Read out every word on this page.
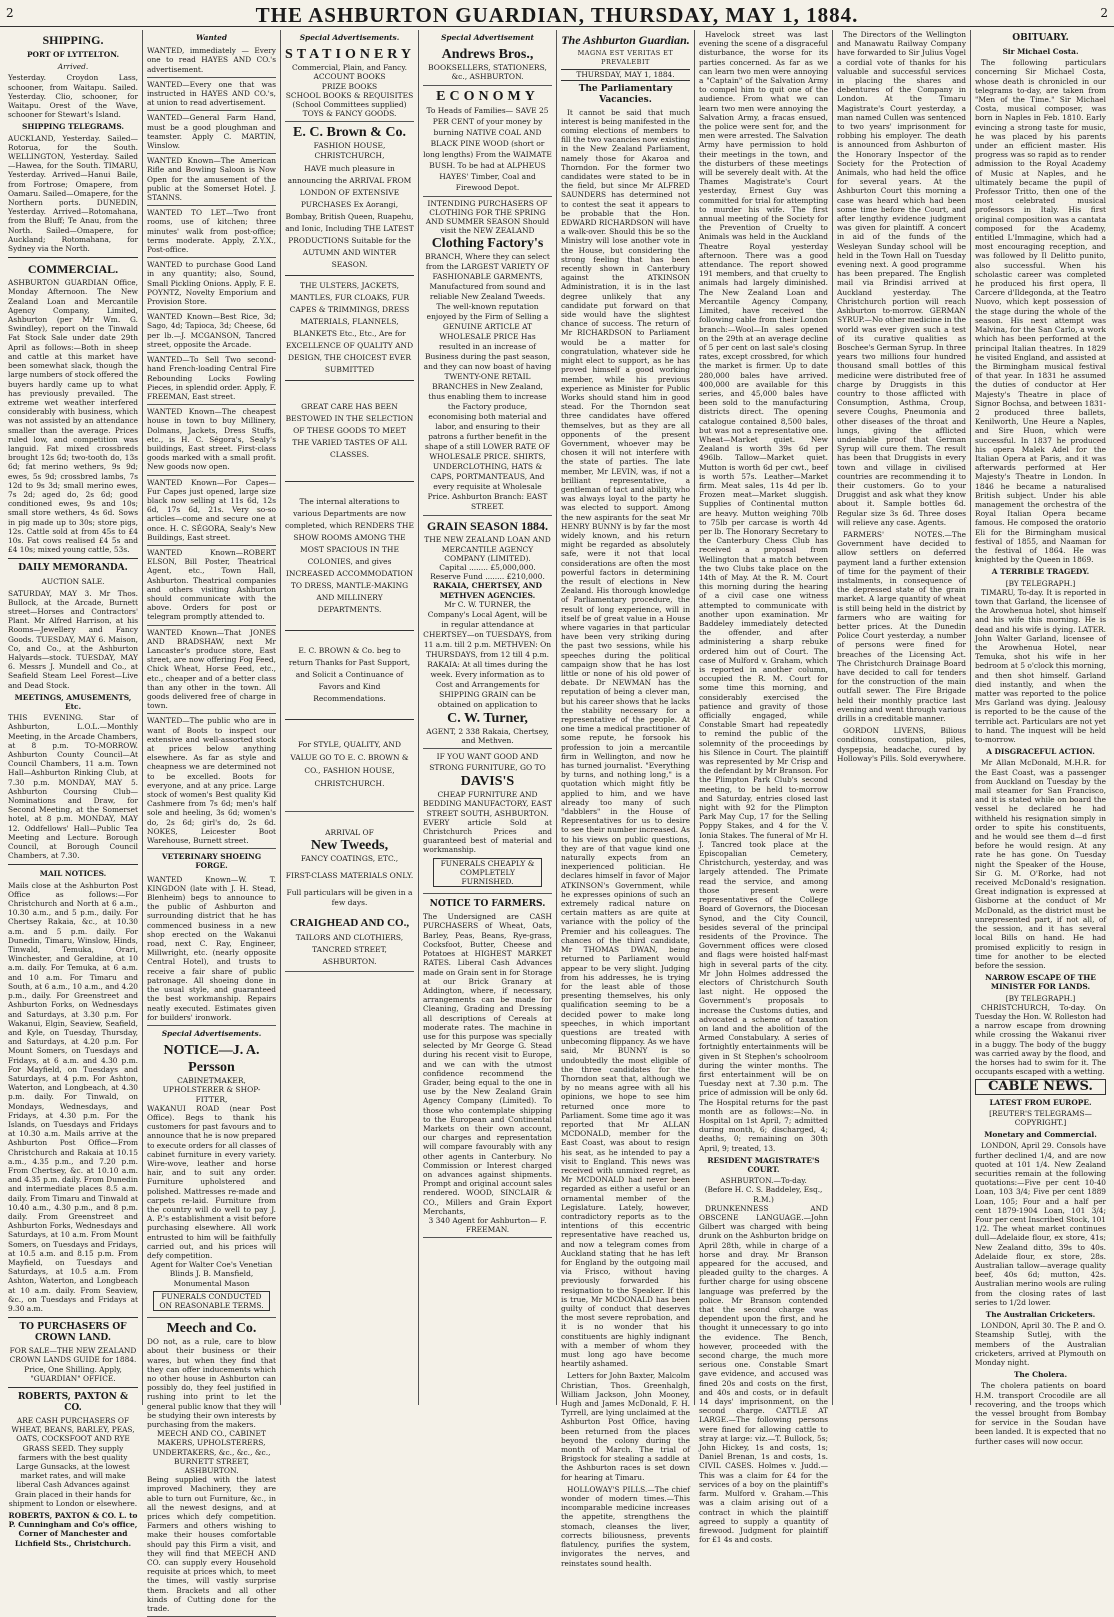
2	THE ASHBURTON GUARDIAN, THURSDAY, MAY 1, 1884.	2
SHIPPING.
PORT OF LYTTELTON.
Arrived.
Yesterday. Croydon Lass, schooner, from Waitapu. Sailed. Yesterday. Clio, schooner, for Waitapu. Orest of the Wave, schooner for Stewart's Island.
SHIPPING TELEGRAMS.
AUCKLAND, Yesterday. Sailed—Rotorua, for the South. WELLINGTON, Yesterday. Sailed—Hawea, for the South. TIMARU, Yesterday. Arrived—Hanui Baile, from Fortrose; Omapere, from Oamaru. Sailed—Omapere, for the Northern ports. DUNEDIN, Yesterday. Arrived—Rotomahana, from the Bluff; Te Anau, from the North. Sailed—Omapere, for Auckland; Rotomahana, for Sydney via the North.
COMMERCIAL.
ASHBURTON GUARDIAN Office, Monday Afternoon. The New Zealand Loan and Mercantile Agency Company, Limited, Ashburton (per Mr Wm. G. Swindley), report on the Tinwald Fat Stock Sale under date 29th April as follows:—Both in sheep and cattle at this market have been somewhat slack, though the large numbers of stock offered the buyers hardly came up to what has previously prevailed. The extreme wet weather interfered considerably with business, which was not assisted by an attendance smaller than the average. Prices ruled low, and competition was languid. Fat mixed crossbreds brought 12s 6d; two-tooth do, 13s 6d; fat merino wethers, 9s 9d; ewes, 5s 9d; crossbred lambs, 7s 12d to 9s 3d; small merino ewes, 7s 2d; aged do, 2s 6d; good conditioned ewes, 9s and 10s; small store wethers, 4s 6d. Sows in pig made up to 30s; store pigs, 12s. Cattle sold at from 45s to £4 10s. Fat cows realised £4 5s and £4 10s; mixed young cattle, 53s.
DAILY MEMORANDA.
AUCTION SALE.
SATURDAY, MAY 3. Mr Thos. Bullock, at the Arcade, Burnett street—Horses and Contractors' Plant. Mr Alfred Harrison, at his Rooms—Jewellery and Fancy Goods. TUESDAY, MAY 6. Maison, Co, and Co., at the Ashburton Halyards—stock. TUESDAY, MAY 6. Messrs J. Mundell and Co., at Seafield Steam Leel Forest—Live and Dead Stock.
MEETINGS, AMUSEMENTS, Etc.
THIS EVENING. Star of Ashburton, L.O.L.—Monthly Meeting, in the Arcade Chambers, at 8 p.m. TO-MORROW. Ashburton County Council—At Council Chambers, 11 a.m. Town Hall—Ashburton Rinking Club, at 7.30 p.m. MONDAY, MAY 5. Ashburton Coursing Club—Nominations and Draw, for Second Meeting, at the Somerset hotel, at 8 p.m. MONDAY, MAY 12. Oddfellows' Hall—Public Tea Meeting and Lecture. Borough Council, at Borough Council Chambers, at 7.30.
MAIL NOTICES.
Mails close at the Ashburton Post Office as follows:—For Christchurch and North at 6 a.m., 10.30 a.m., and 5 p.m., daily. For Chertsey Rakaia, &c., at 10.30 a.m. and 5 p.m. daily. For Dunedin, Timaru, Winslow, Hinds, Tinwald, Temuka, Orari, Winchester, and Geraldine, at 10 a.m. daily. For Temuka, at 6 a.m. and 10 a.m. For Timaru and South, at 6 a.m., 10 a.m., and 4.20 p.m., daily. For Greenstreet and Ashburton Forks, on Wednesdays and Saturdays, at 3.30 p.m. For Wakanui, Elgin, Seaview, Seafield, and Kyle, on Tuesday, Thursday, and Saturdays, at 4.20 p.m. For Mount Somers, on Tuesdays and Fridays, at 6 a.m. and 4.30 p.m. For Mayfield, on Tuesdays and Saturdays, at 4 p.m. For Ashton, Waterton, and Longbeach, at 4.30 p.m. daily. For Tinwald, on Mondays, Wednesdays, and Fridays, at 4.30 p.m. For the Islands, on Tuesdays and Fridays at 10.30 a.m. Mails arrive at the Ashburton Post Office—From Christchurch and Rakaia at 10.15 a.m., 4.35 p.m., and 7.20 p.m. From Chertsey, &c. at 10.10 a.m. and 4.35 p.m. daily. From Dunedin and intermediate places 8.5 a.m. daily. From Timaru and Tinwald at 10.40 a.m., 4.30 p.m., and 8 p.m. daily. From Greenstreet and Ashburton Forks, Wednesdays and Saturdays, at 10 a.m. From Mount Somers, on Tuesdays and Fridays, at 10.5 a.m. and 8.15 p.m. From Mayfield, on Tuesdays and Saturdays, at 10.5 a.m. From Ashton, Waterton, and Longbeach at 10 a.m. daily. From Seaview, &c., on Tuesdays and Fridays at 9.30 a.m.
TO PURCHASERS OF CROWN LAND.
FOR SALE—THE NEW ZEALAND CROWN LANDS GUIDE for 1884. Price, One Shilling. Apply, "GUARDIAN" OFFICE.
ROBERTS, PAXTON & CO.
ARE CASH PURCHASERS OF WHEAT, BEANS, BARLEY, PEAS, OATS, COCKSFOOT AND RYE GRASS SEED. They supply farmers with the best quality Large Gunsacks, at the lowest market rates, and will make liberal Cash Advances against Grain placed in their hands for shipment to London or elsewhere.
ROBERTS, PAXTON & CO. L. to P. Cunningham and Co's office, Corner of Manchester and Lichfield Sts., Christchurch.
Wanted
WANTED, immediately — Every one to read HAYES AND CO.'s advertisement.
WANTED—Every one that was instructed in HAYES AND CO.'s, at union to read advertisement.
WANTED—General Farm Hand, must be a good ploughman and teamster. Apply C. MARTIN, Winslow.
WANTED Known—The American Rifle and Bowling Saloon is Now Open for the amusement of the public at the Somerset Hotel. J. STANNS.
WANTED TO LET—Two front rooms, use of kitchen; three minutes' walk from post-office; terms moderate. Apply, Z.Y.X., Post-office.
WANTED to purchase Good Land in any quantity; also, Sound, Small Pickling Onions. Apply, F. E. POYNTZ, Novelty Emporium and Provision Store.
WANTED Known—Best Rice, 3d; Sago, 4d; Tapioca, 3d; Cheese, 6d per lb.—J. MCGANSON, Tancred street, opposite the Arcade.
WANTED—To Sell Two second-hand French-loading Central Fire Rebounding Locks Fowling Pieces, in splendid order. Apply, F. FREEMAN, East street.
WANTED Known—The cheapest house in town to buy Millinery, Dolmans, Jackets, Dress Stuffs, etc., is H. C. Ségora's, Sealy's buildings, East street. First-class goods marked with a small profit. New goods now open.
WANTED Known—For Capes—Fur Capes just opened, large size black now selling at 11s 6d, 12s 6d, 17s 6d, 21s. Very so-so articles—come and secure one at once. H. C. SÉGORA, Sealy's New Buildings, East street.
WANTED Known—ROBERT ELSON, Bill Poster, Theatrical Agent, etc., Town Hall, Ashburton. Theatrical companies and others visiting Ashburton should communicate with the above. Orders for post or telegram promptly attended to.
WANTED Known—That JONES AND BRADSHAW, next Mr Lancaster's produce store, East street, are now offering Fog Feed, Chick Wheat, Horse Feed, etc., etc., cheaper and of a better class than any other in the town. All goods delivered free of charge in town.
WANTED—The public who are in want of Boots to inspect our extensive and well-assorted stock at prices below anything elsewhere. As far as style and cheapness we are determined not to be excelled. Boots for everyone, and at any price. Large stock of women's Best quality Kid Cashmere from 7s 6d; men's half sole and heeling, 3s 6d; women's do, 2s 6d; girl's do, 2s 6d. NOKES, Leicester Boot Warehouse, Burnett street.
VETERINARY SHOEING FORGE.
WANTED Known—W. T. KINGDON (late with J. H. Stead, Blenheim) begs to announce to the public of Ashburton and surrounding district that he has commenced business in a new shop erected on the Wakanui road, next C. Ray, Engineer, Millwright, etc. (nearly opposite Central Hotel), and trusts to receive a fair share of public patronage. All shoeing done in the usual style, and guaranteed the best workmanship. Repairs neatly executed. Estimates given for builders' ironwork.
Special Advertisements.
NOTICE—J. A. Persson
CABINETMAKER, UPHOLSTERER & SHOP-FITTER,
WAKANUI ROAD (near Post Office). Begs to thank his customers for past favours and to announce that he is now prepared to execute orders for all classes of cabinet furniture in every variety. Wire-wove, leather and horse hair, and to suit any order. Furniture upholstered and polished. Mattresses re-made and carpets re-laid. Furniture from the country will do well to pay J. A. P.'s establishment a visit before purchasing elsewhere. All work entrusted to him will be faithfully carried out, and his prices will defy competition.
Agent for Walter Coe's Venetian Blinds J. B. Mansfield, Monumental Mason
FUNERALS CONDUCTED ON REASONABLE TERMS.
Meech and Co.
DO not, as a rule, care to blow about their business or their wares, but when they find that they can offer inducements which no other house in Ashburton can possibly do, they feel justified in rushing into print to let the general public know that they will be studying their own interests by purchasing from the makers.
MEECH AND CO., CABINET MAKERS, UPHOLSTERERS, UNDERTAKERS, &c., &c., &c., BURNETT STREET, ASHBURTON.
Being supplied with the latest improved Machinery, they are able to turn out Furniture, &c., in all the newest designs, and at prices which defy competition. Farmers and others wishing to make their houses comfortable should pay this Firm a visit, and they will find that MEECH AND CO. can supply every Household requisite at prices which, to meet the times, will vastly surprise them. Brackets and all other kinds of Cutting done for the trade.
Special Advertisements.
STATIONERY
Commercial, Plain, and Fancy.
ACCOUNT BOOKS
PRIZE BOOKS
SCHOOL BOOKS & REQUISITES
(School Committees supplied)
TOYS & FANCY GOODS.
E. C. Brown & Co.
FASHION HOUSE, CHRISTCHURCH,
HAVE much pleasure in announcing the ARRIVAL FROM LONDON OF EXTENSIVE PURCHASES Ex Aorangi, Bombay, British Queen, Ruapehu, and Ionic, Including THE LATEST PRODUCTIONS Suitable for the AUTUMN AND WINTER SEASON.
THE ULSTERS, JACKETS, MANTLES, FUR CLOAKS, FUR CAPES & TRIMMINGS, DRESS MATERIALS, FLANNELS, BLANKETS Etc., Etc., Are for EXCELLENCE OF QUALITY AND DESIGN, THE CHOICEST EVER SUBMITTED
GREAT CARE HAS BEEN BESTOWED IN THE SELECTION OF THESE GOODS TO MEET THE VARIED TASTES OF ALL CLASSES.
The internal alterations to various Departments are now completed, which RENDERS THE SHOW ROOMS AMONG THE MOST SPACIOUS IN THE COLONIES, and gives INCREASED ACCOMMODATION TO DRESS, MANTLE-MAKING AND MILLINERY DEPARTMENTS.
E. C. BROWN & Co. beg to return Thanks for Past Support, and Solicit a Continuance of Favors and Kind Recommendations.
For STYLE, QUALITY, AND VALUE GO TO E. C. BROWN & CO., FASHION HOUSE, CHRISTCHURCH.
ARRIVAL OF
New Tweeds,
FANCY COATINGS, ETC.,
FIRST-CLASS MATERIALS ONLY.
Full particulars will be given in a few days.
CRAIGHEAD AND CO.,
TAILORS AND CLOTHIERS, TANCRED STREET, ASHBURTON.
Special Advertisement
Andrews Bros.,
BOOKSELLERS, STATIONERS, &c., ASHBURTON.
ECONOMY
To Heads of Families— SAVE 25 PER CENT of your money by burning NATIVE COAL AND BLACK PINE WOOD (short or long lengths) From the WAIMATE BUSH. To be had at ALPHEUS HAYES' Timber, Coal and Firewood Depot.
INTENDING PURCHASERS OF CLOTHING FOR THE SPRING AND SUMMER SEASON Should visit the NEW ZEALAND
Clothing Factory's
BRANCH, Where they can select from the LARGEST VARIETY OF FASHIONABLE GARMENTS, Manufactured from sound and reliable New Zealand Tweeds. The well-known reputation enjoyed by the Firm of Selling a GENUINE ARTICLE AT WHOLESALE PRICE Has resulted in an increase of Business during the past season, and they can now boast of having TWENTY-ONE RETAIL BRANCHES in New Zealand, thus enabling them to increase the Factory produce, economising both material and labor, and ensuring to their patrons a further benefit in the shape of a still LOWER RATE OF WHOLESALE PRICE. SHIRTS, UNDERCLOTHING, HATS & CAPS, PORTMANTEAUS, And every requisite at Wholesale Price. Ashburton Branch: EAST STREET.
GRAIN SEASON 1884.
THE NEW ZEALAND LOAN AND MERCANTILE AGENCY COMPANY (LIMITED).
Capital ........ £5,000,000.
Reserve Fund ........ £210,000.
RAKAIA, CHERTSEY, AND METHVEN AGENCIES.
Mr C. W. TURNER, the Company's Local Agent, will be in regular attendance at CHERTSEY—on TUESDAYS, from 11 a.m. till 2 p.m. METHVEN: On THURSDAYS, from 12 till 4 p.m. RAKAIA: At all times during the week. Every information as to Cost and Arrangements for SHIPPING GRAIN can be obtained on application to
C. W. Turner,
AGENT, 2 338 Rakaia, Chertsey, and Methven.
IF YOU WANT GOOD AND STRONG FURNITURE, GO TO
DAVIS'S
CHEAP FURNITURE AND BEDDING MANUFACTORY, EAST STREET SOUTH, ASHBURTON.
EVERY article Sold at Christchurch Prices and guaranteed best of material and workmanship.
FUNERALS CHEAPLY & COMPLETELY FURNISHED.
NOTICE TO FARMERS.
The Undersigned are CASH PURCHASERS of Wheat, Oats, Barley, Peas, Beans, Rye-grass, Cocksfoot, Butter, Cheese and Potatoes at HIGHEST MARKET RATES. Liberal Cash Advances made on Grain sent in for Storage at our Brick Granary at Addington, where, if necessary, arrangements can be made for Cleaning, Grading and Dressing all descriptions of Cereals at moderate rates. The machine in use for this purpose was specially selected by Mr George G. Stead during his recent visit to Europe, and we can with the utmost confidence recommend the Grader, being equal to the one in use by the New Zealand Grain Agency Company (Limited). To those who contemplate shipping to the European and Continental Markets on their own account, our charges and representation will compare favourably with any other agents in Canterbury. No Commission or Interest charged on advances against shipments. Prompt and original account sales rendered. WOOD, SINCLAIR & CO., Millers and Grain Export Merchants,
3 340 Agent for Ashburton— F. FREEMAN.
The Ashburton Guardian.
MAGNA EST VERITAS ET PREVALEBIT
THURSDAY, MAY 1, 1884.
The Parliamentary Vacancies.

It cannot be said that much interest is being manifested in the coming elections of members to fill the two vacancies now existing in the New Zealand Parliament, namely those for Akaroa and Thorndon. For the former two candidates were stated to be in the field, but since Mr ALFRED SAUNDERS has determined not to contest the seat it appears to be probable that the Hon. EDWARD RICHARDSON will have a walk-over. Should this be so the Ministry will lose another vote in the House, but considering the strong feeling that has been recently shown in Canterbury against the ATKINSON Administration, it is in the last degree unlikely that any candidate put forward on that side would have the slightest chance of success. The return of Mr RICHARDSON to Parliament would be a matter for congratulation, whatever side he might elect to support, as he has proved himself a good working member, while his previous experience as Minister for Public Works should stand him in good stead. For the Thorndon seat three candidates have offered themselves, but as they are all opponents of the present Government, whoever may be chosen it will not interfere with the state of parties. The late member, Mr LEVIN, was, if not a brilliant representative, a gentleman of tact and ability, who was always loyal to the party he was elected to support. Among the new aspirants for the seat Mr HENRY BUNNY is by far the most widely known, and his return might be regarded as absolutely safe, were it not that local considerations are often the most powerful factors in determining the result of elections in New Zealand. His thorough knowledge of Parliamentary procedure, the result of long experience, will in itself be of great value in a House where vagaries in that particular have been very striking during the past two sessions, while his speeches during the political campaign show that he has lost little or none of his old power of debate. Dr NEWMAN has the reputation of being a clever man, but his career shows that he lacks the stability necessary for a representative of the people. At one time a medical practitioner of some repute, he forsook his profession to join a mercantile firm in Wellington, and now he has turned journalist. "Everything by turns, and nothing long," is a quotation which might fitly be applied to him, and we have already too many of such "dabblers" in the House of Representatives for us to desire to see their number increased. As to his views on public questions, they are of that vague kind one naturally expects from an inexperienced politician. He declares himself in favor of Major ATKINSON's Government, while he expresses opinions of such an extremely radical nature on certain matters as are quite at variance with the policy of the Premier and his colleagues. The chances of the third candidate, Mr THOMAS DWAN, being returned to Parliament would appear to be very slight. Judging from his addresses, he is trying for the least able of those presenting themselves, his only qualification seeming to be a decided power to make long speeches, in which important questions are treated with unbecoming flippancy. As we have said, Mr BUNNY is so undoubtedly the most eligible of the three candidates for the Thorndon seat that, although we by no means agree with all his opinions, we hope to see him returned once more to Parliament. Some time ago it was reported that Mr ALLAN MCDONALD, member for the East Coast, was about to resign his seat, as he intended to pay a visit to England. This news was received with unmixed regret, as Mr MCDONALD had never been regarded as either a useful or an ornamental member of the Legislature. Lately, however, contradictory reports as to the intentions of this eccentric representative have reached us, and now a telegram comes from Auckland stating that he has left for England by the outgoing mail via Frisco, without having previously forwarded his resignation to the Speaker. If this is true, Mr MCDONALD has been guilty of conduct that deserves the most severe reprobation, and it is no wonder that his constituents are highly indignant with a member of whom they must long ago have become heartily ashamed.

Letters for John Baxter, Malcolm Christian, Thos. Greenhalgh, William Jackson, John Mooney, Hugh and James McDonald, F. H. Tyrrell, are lying unclaimed at the Ashburton Post Office, having been returned from the places beyond the colony during the month of March. The trial of Brigstock for stealing a saddle at the Ashburton races is set down for hearing at Timaru.

HOLLOWAY'S PILLS.—The chief wonder of modern times.—This incomparable medicine increases the appetite, strengthens the stomach, cleanses the liver, corrects biliousness, prevents flatulency, purifies the system, invigorates the nerves, and reinstates sound health.

Havelock street was last evening the scene of a disgraceful disturbance, the worse for its parties concerned. As far as we can learn two men were annoying a "Captain" of the Salvation Army to compel him to quit one of the audience. From what we can learn two men were annoying the Salvation Army, a fracas ensued, the police were sent for, and the men were arrested. The Salvation Army have permission to hold their meetings in the town, and the disturbers of these meetings will be severely dealt with. At the Thames Magistrate's Court yesterday, Ernest Guy was committed for trial for attempting to murder his wife. The first annual meeting of the Society for the Prevention of Cruelty to Animals was held in the Auckland Theatre Royal yesterday afternoon. There was a good attendance. The report showed 191 members, and that cruelty to animals had largely diminished. The New Zealand Loan and Mercantile Agency Company, Limited, have received the following cable from their London branch:—Wool—In sales opened on the 29th at an average decline of 5 per cent on last sale's closing rates, except crossbred, for which the market is firmer. Up to date 280,000 bales have arrived. 400,000 are available for this series, and 45,000 bales have been sold to the manufacturing districts direct. The opening catalogue contained 8,500 bales, but was not a representative one. Wheat—Market quiet. New Zealand is worth 39s 6d per 496lb. Tallow—Market quiet. Mutton is worth 6d per cwt., beef is worth 57s. Leather—Market firm. Meat sales, 11s 4d per lb. Frozen meat—Market sluggish. Supplies of Continental mutton are heavy. Mutton weighing 70lb to 75lb per carcase is worth 4d per lb. The Honorary Secretary to the Canterbury Chess Club has received a proposal from Wellington that a match between the two Clubs take place on the 14th of May. At the R. M. Court this morning during the hearing of a civil case one witness attempted to communicate with another upon examination. Mr Baddeley immediately detected the offender, and after administering a sharp rebuke ordered him out of Court. The case of Mulford v. Graham, which is reported in another column, occupied the R. M. Court for some time this morning, and considerably exercised the patience and gravity of those officially engaged, while Constable Smart had repeatedly to remind the public of the solemnity of the proceedings by his Silence in Court. The plaintiff was represented by Mr Crisp and the defendant by Mr Branson. For the Plimpton Park Club's second meeting, to be held to-morrow and Saturday, entries closed last night with 92 for the Plimpton Park May Cup, 17 for the Selling Poppy Stakes, and 4 for the V. Ionia Stakes. The funeral of Mr H. J. Tancred took place at the Episcopalian Cemetery, Christchurch, yesterday, and was largely attended. The Primate read the service, and among those present were representatives of the College Board of Governors, the Diocesan Synod, and the City Council, besides several of the principal residents of the Province. The Government offices were closed and flags were hoisted half-mast high in several parts of the city. Mr John Holmes addressed the electors of Christchurch South last night. He opposed the Government's proposals to increase the Customs duties, and advocated a scheme of taxation on land and the abolition of the Armed Constabulary. A series of fortnightly entertainments will be given in St Stephen's schoolroom during the winter months. The first entertainment will be on Tuesday next at 7.30 p.m. The price of admission will be only 6d. The Hospital returns for the past month are as follows:—No. in Hospital on 1st April, 7; admitted during month, 6; discharged, 4; deaths, 0; remaining on 30th April, 9; treated, 13.

RESIDENT MAGISTRATE'S COURT.
ASHBURTON.—To-day.
(Before H. C. S. Baddeley, Esq., R.M.)

DRUNKENNESS AND OBSCENE LANGUAGE.—John Gilbert was charged with being drunk on the Ashburton bridge on April 28th, while in charge of a horse and dray. Mr Branson appeared for the accused, and pleaded guilty to the charges. A further charge for using obscene language was preferred by the police. Mr Branson contended that the second charge was dependent upon the first, and he thought it unnecessary to go into the evidence. The Bench, however, proceeded with the second charge, the much more serious one. Constable Smart gave evidence, and accused was fined 20s and costs on the first, and 40s and costs, or in default 14 days' imprisonment, on the second charge. CATTLE AT LARGE.—The following persons were fined for allowing cattle to stray at large: viz.—T. Bullock, 5s; John Hickey, 1s and costs, 1s; Daniel Brenan, 1s and costs, 1s. CIVIL CASES. Holmes v. Judd.—This was a claim for £4 for the services of a boy on the plaintiff's farm. Mulford v. Graham.—This was a claim arising out of a contract in which the plaintiff agreed to supply a quantity of firewood. Judgment for plaintiff for £1 4s and costs.

The Directors of the Wellington and Manawatu Railway Company have forwarded to Sir Julius Vogel a cordial vote of thanks for his valuable and successful services in placing the shares and debentures of the Company in London. At the Timaru Magistrate's Court yesterday, a man named Cullen was sentenced to two years' imprisonment for robbing his employer. The death is announced from Ashburton of the Honorary Inspector of the Society for the Protection of Animals, who had held the office for several years. At the Ashburton Court this morning a case was heard which had been some time before the Court, and after lengthy evidence judgment was given for plaintiff. A concert in aid of the funds of the Wesleyan Sunday school will be held in the Town Hall on Tuesday evening next. A good programme has been prepared. The English mail via Brindisi arrived at Auckland yesterday. The Christchurch portion will reach Ashburton to-morrow. GERMAN SYRUP.—No other medicine in the world was ever given such a test of its curative qualities as Boschee's German Syrup. In three years two millions four hundred thousand small bottles of this medicine were distributed free of charge by Druggists in this country to those afflicted with Consumption, Asthma, Croup, severe Coughs, Pneumonia and other diseases of the throat and lungs, giving the afflicted undeniable proof that German Syrup will cure them. The result has been that Druggists in every town and village in civilised countries are recommending it to their customers. Go to your Druggist and ask what they know about it. Sample bottles 6d. Regular size 3s 6d. Three doses will relieve any case. Agents.

FARMERS' NOTES.—The Government have decided to allow settlers on deferred payment land a further extension of time for the payment of their instalments, in consequence of the depressed state of the grain market. A large quantity of wheat is still being held in the district by farmers who are waiting for better prices. At the Dunedin Police Court yesterday, a number of persons were fined for breaches of the Licensing Act. The Christchurch Drainage Board have decided to call for tenders for the construction of the main outfall sewer. The Fire Brigade held their monthly practice last evening and went through various drills in a creditable manner.

GORDON LIVENS, Bilious conditions, constipation, piles, dyspepsia, headache, cured by Holloway's Pills. Sold everywhere.

OBITUARY.
Sir Michael Costa.

The following particulars concerning Sir Michael Costa, whose death is chronicled in our telegrams to-day, are taken from "Men of the Time." Sir Michael Costa, musical composer, was born in Naples in Feb. 1810. Early evincing a strong taste for music, he was placed by his parents under an efficient master. His progress was so rapid as to render admission to the Royal Academy of Music at Naples, and he ultimately became the pupil of Professor Tritto, then one of the most celebrated musical professors in Italy. His first original composition was a cantata composed for the Academy, entitled L'Immagine, which had a most encouraging reception, and was followed by Il Delitto punito, also successful. When his scholastic career was completed he produced his first opera, Il Carcere d'Ildegonda, at the Teatro Nuovo, which kept possession of the stage during the whole of the season. His next attempt was Malvina, for the San Carlo, a work which has been performed at the principal Italian theatres. In 1829 he visited England, and assisted at the Birmingham musical festival of that year. In 1831 he assumed the duties of conductor at Her Majesty's Theatre in place of Signor Bochsa, and between 1831-2 produced three ballets, Kenilworth, Une Heure a Naples, and Sire Huon, which were successful. In 1837 he produced his opera Malek Adel for the Italian Opera at Paris, and it was afterwards performed at Her Majesty's Theatre in London. In 1846 he became a naturalised British subject. Under his able management the orchestra of the Royal Italian Opera became famous. He composed the oratorio Eli for the Birmingham musical festival of 1855, and Naaman for the festival of 1864. He was knighted by the Queen in 1869.

A TERRIBLE TRAGEDY.
[BY TELEGRAPH.]

TIMARU, To-day. It is reported in town that Garland, the licensee of the Arowhenua hotel, shot himself and his wife this morning. He is dead and his wife is dying. LATER. John Walter Garland, licensee of the Arowhenua Hotel, near Temuka, shot his wife in her bedroom at 5 o'clock this morning, and then shot himself. Garland died instantly, and when the matter was reported to the police Mrs Garland was dying. Jealousy is reported to be the cause of the terrible act. Particulars are not yet to hand. The inquest will be held to-morrow.

A DISGRACEFUL ACTION.

Mr Allan McDonald, M.H.R. for the East Coast, was a passenger from Auckland on Tuesday by the mail steamer for San Francisco, and it is stated while on board the vessel he declared he had withheld his resignation simply in order to spite his constituents, and he would see them d—d first before he would resign. At any rate he has gone. On Tuesday night the Speaker of the House, Sir G. M. O'Rorke, had not received McDonald's resignation. Great indignation is expressed at Gisborne at the conduct of Mr McDonald, as the district must be unrepresented part, if not all, of the session, and it has several local Bills on hand. He had promised explicitly to resign in time for another to be elected before the session.

NARROW ESCAPE OF THE MINISTER FOR LANDS.
[BY TELEGRAPH.]

CHRISTCHURCH, To-day. On Tuesday the Hon. W. Rolleston had a narrow escape from drowning while crossing the Wakanui river in a buggy. The body of the buggy was carried away by the flood, and the horses had to swim for it. The occupants escaped with a wetting.

CABLE NEWS.
LATEST FROM EUROPE.
[REUTER'S TELEGRAMS—COPYRIGHT.]
Monetary and Commercial.

LONDON, April 29. Consols have further declined 1/4, and are now quoted at 101 1/4. New Zealand securities remain at the following quotations:—Five per cent 10-40 Loan, 103 3/4; Five per cent 1889 Loan, 105; Four and a half per cent 1879-1904 Loan, 101 3/4; Four per cent Inscribed Stock, 101 1/2. The wheat market continues dull—Adelaide flour, ex store, 41s; New Zealand ditto, 39s to 40s. Adelaide flour, ex store, 28s. Australian tallow—average quality beef, 40s 6d; mutton, 42s. Australian merino wools are ruling from the closing rates of last series to 1/2d lower.

The Australian Cricketers.

LONDON, April 30. The P. and O. Steamship Sutlej, with the members of the Australian cricketers, arrived at Plymouth on Monday night.

The Cholera.

The cholera patients on board H.M. transport Crocodile are all recovering, and the troops which the vessel brought from Bombay for service in the Soudan have been landed. It is expected that no further cases will now occur.
